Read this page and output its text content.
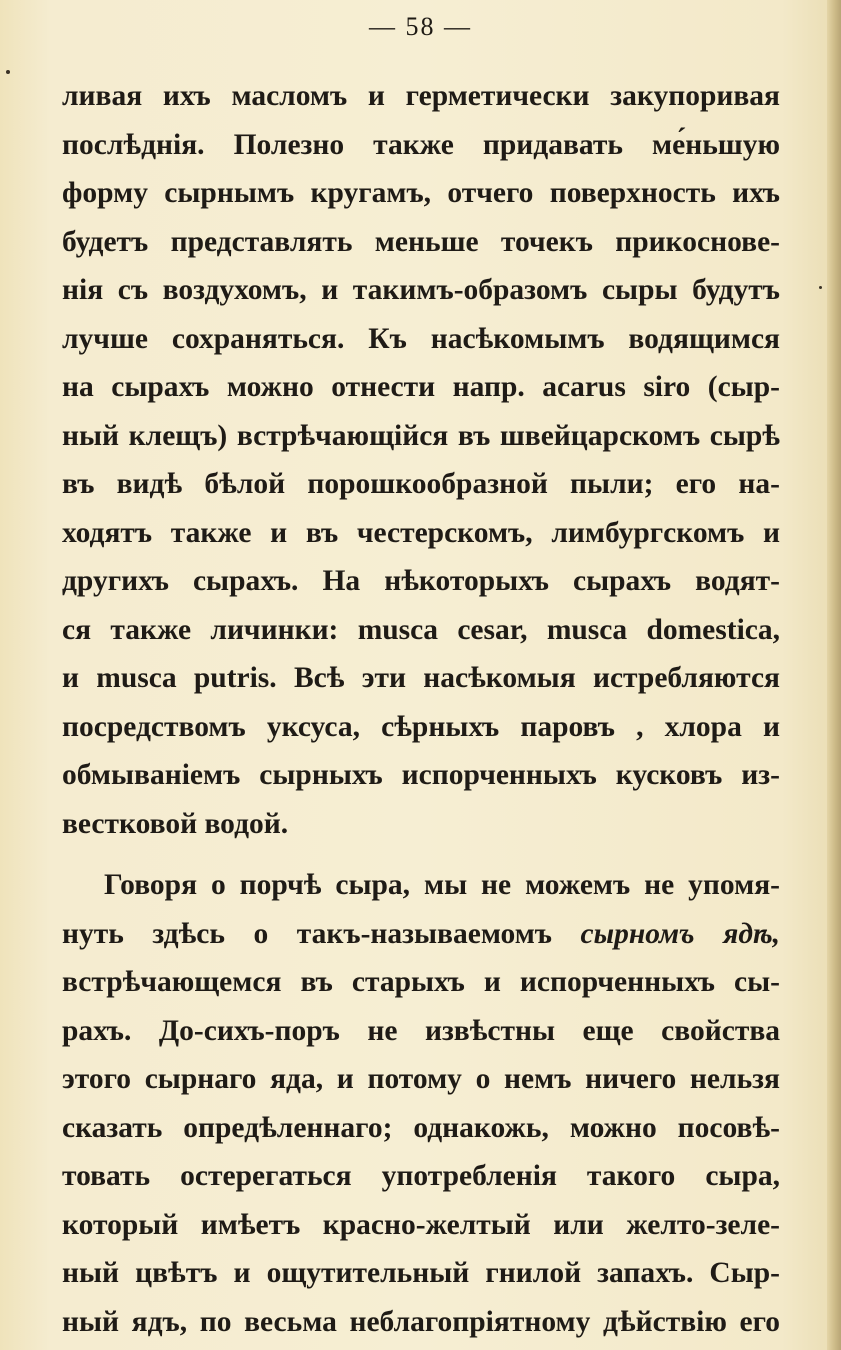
— 58 —
ливая ихъ масломъ и герметически закупоривая
послѣднія. Полезно также придавать ме́ньшую
форму сырнымъ кругамъ, отчего поверхность ихъ
будетъ представлять меньше точекъ прикоснове-
нія съ воздухомъ, и такимъ-образомъ сыры будутъ
лучше сохраняться. Къ насѣкомымъ водящимся
на сырахъ можно отнести напр. acarus siro (сыр-
ный клещъ) встрѣчающійся въ швейцарскомъ сырѣ
въ видѣ бѣлой порошкообразной пыли; его на-
ходятъ также и въ честерскомъ, лимбургскомъ и
другихъ сырахъ. На нѣкоторыхъ сырахъ водят-
ся также личинки: musca cesar, musca domestica,
и musca putris. Всѣ эти насѣкомыя истребляются
посредствомъ уксуса, сѣрныхъ паровъ , хлора и
обмываніемъ сырныхъ испорченныхъ кусковъ из-
вестковой водой.
Говоря о порчѣ сыра, мы не можемъ не упомя-
нуть здѣсь о такъ-называемомъ сырномъ ядѣ,
встрѣчающемся въ старыхъ и испорченныхъ сы-
рахъ. До-сихъ-поръ не извѣстны еще свойства
этого сырнаго яда, и потому о немъ ничего нельзя
сказать опредѣленнаго; однакожь, можно посовѣ-
товать остерегаться употребленія такого сыра,
который имѣетъ красно-желтый или желто-зеле-
ный цвѣтъ и ощутительный гнилой запахъ. Сыр-
ный ядъ, по весьма неблагопріятному дѣйствію его
